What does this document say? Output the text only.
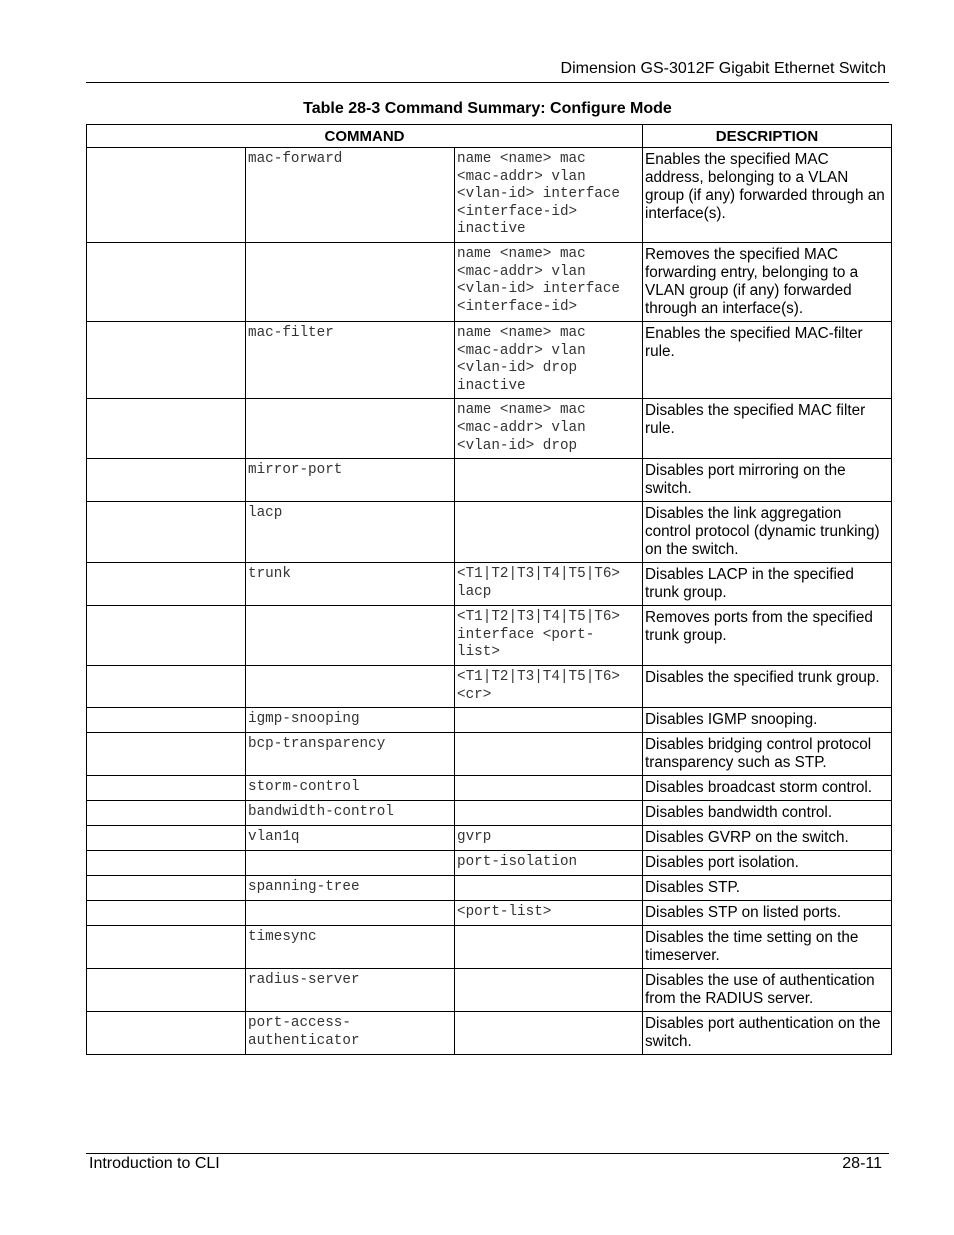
Dimension GS-3012F Gigabit Ethernet Switch
Table 28-3 Command Summary: Configure Mode
COMMAND			DESCRIPTION
	mac-forward	name <name> mac
<mac-addr> vlan
<vlan-id> interface
<interface-id>
inactive	Enables the specified MAC address, belonging to a VLAN group (if any) forwarded through an interface(s).
		name <name> mac
<mac-addr> vlan
<vlan-id> interface
<interface-id>	Removes the specified MAC forwarding entry, belonging to a VLAN group (if any) forwarded through an interface(s).
	mac-filter	name <name> mac
<mac-addr> vlan
<vlan-id> drop
inactive	Enables the specified MAC-filter rule.
		name <name> mac
<mac-addr> vlan
<vlan-id> drop	Disables the specified MAC filter rule.
	mirror-port		Disables port mirroring on the switch.
	lacp		Disables the link aggregation control protocol (dynamic trunking) on the switch.
	trunk	<T1|T2|T3|T4|T5|T6>
lacp	Disables LACP in the specified trunk group.
		<T1|T2|T3|T4|T5|T6>
interface <port-
list>	Removes ports from the specified trunk group.
		<T1|T2|T3|T4|T5|T6>
<cr>	Disables the specified trunk group.
	igmp-snooping		Disables IGMP snooping.
	bcp-transparency		Disables bridging control protocol transparency such as STP.
	storm-control		Disables broadcast storm control.
	bandwidth-control		Disables bandwidth control.
	vlan1q	gvrp	Disables GVRP on the switch.
		port-isolation	Disables port isolation.
	spanning-tree		Disables STP.
		<port-list>	Disables STP on listed ports.
	timesync		Disables the time setting on the timeserver.
	radius-server		Disables the use of authentication from the RADIUS server.
	port-access-
authenticator		Disables port authentication on the switch.
Introduction to CLI	28-11
